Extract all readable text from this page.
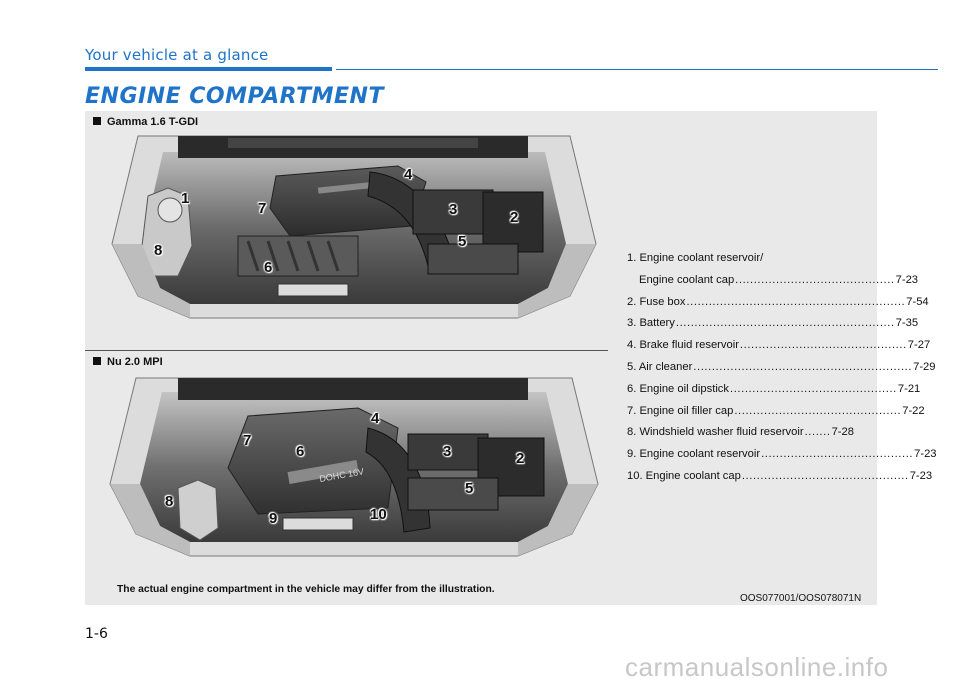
Your vehicle at a glance
ENGINE COMPARTMENT
Gamma 1.6 T-GDI
Nu 2.0 MPI
DOHC 16V
1
7
4
3	2
5
8
6
4
7
6	3	2
8
5
10
9
1. Engine coolant reservoir/
Engine coolant cap ........................................... 7-23
2. Fuse box ........................................................... 7-54
3. Battery ........................................................... 7-35
4. Brake fluid reservoir ............................................. 7-27
5. Air cleaner ........................................................... 7-29
6. Engine oil dipstick ............................................. 7-21
7. Engine oil filler cap ............................................. 7-22
8. Windshield washer fluid reservoir ....... 7-28
9. Engine coolant reservoir ......................................... 7-23
10. Engine coolant cap ............................................. 7-23
The actual engine compartment in the vehicle may differ from the illustration.
OOS077001/OOS078071N
1-6
carmanualsonline.info
